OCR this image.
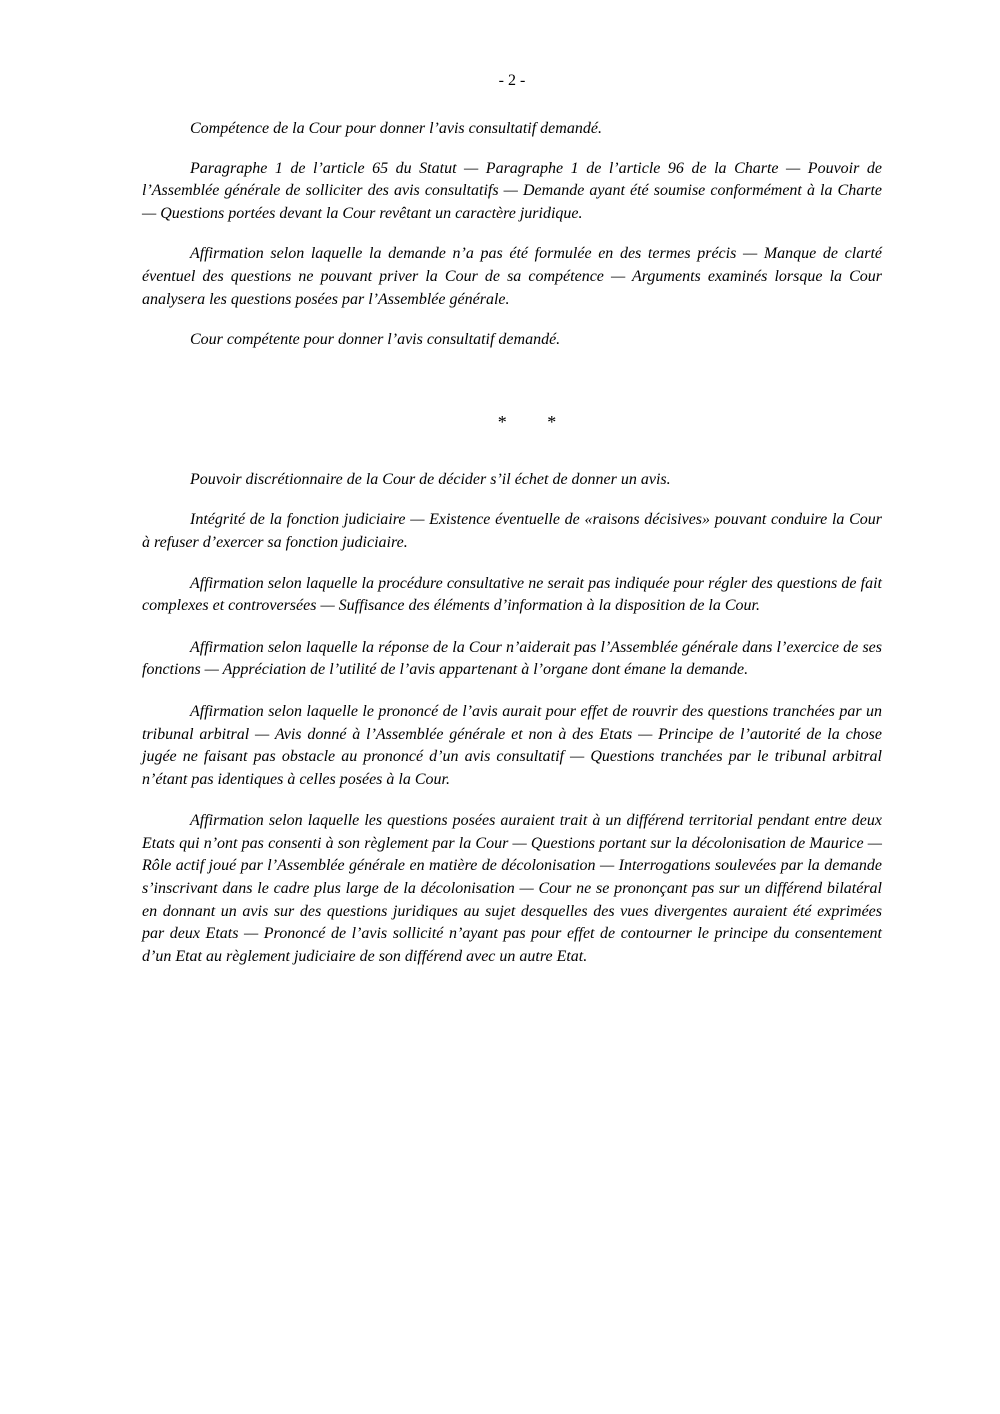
- 2 -

Compétence de la Cour pour donner l’avis consultatif demandé.

Paragraphe 1 de l’article 65 du Statut — Paragraphe 1 de l’article 96 de la Charte — Pouvoir de l’Assemblée générale de solliciter des avis consultatifs — Demande ayant été soumise conformément à la Charte — Questions portées devant la Cour revêtant un caractère juridique.

Affirmation selon laquelle la demande n’a pas été formulée en des termes précis — Manque de clarté éventuel des questions ne pouvant priver la Cour de sa compétence — Arguments examinés lorsque la Cour analysera les questions posées par l’Assemblée générale.

Cour compétente pour donner l’avis consultatif demandé.

* *

Pouvoir discrétionnaire de la Cour de décider s’il échet de donner un avis.

Intégrité de la fonction judiciaire — Existence éventuelle de «raisons décisives» pouvant conduire la Cour à refuser d’exercer sa fonction judiciaire.

Affirmation selon laquelle la procédure consultative ne serait pas indiquée pour régler des questions de fait complexes et controversées — Suffisance des éléments d’information à la disposition de la Cour.

Affirmation selon laquelle la réponse de la Cour n’aiderait pas l’Assemblée générale dans l’exercice de ses fonctions — Appréciation de l’utilité de l’avis appartenant à l’organe dont émane la demande.

Affirmation selon laquelle le prononcé de l’avis aurait pour effet de rouvrir des questions tranchées par un tribunal arbitral — Avis donné à l’Assemblée générale et non à des Etats — Principe de l’autorité de la chose jugée ne faisant pas obstacle au prononcé d’un avis consultatif — Questions tranchées par le tribunal arbitral n’étant pas identiques à celles posées à la Cour.

Affirmation selon laquelle les questions posées auraient trait à un différend territorial pendant entre deux Etats qui n’ont pas consenti à son règlement par la Cour — Questions portant sur la décolonisation de Maurice — Rôle actif joué par l’Assemblée générale en matière de décolonisation — Interrogations soulevées par la demande s’inscrivant dans le cadre plus large de la décolonisation — Cour ne se prononçant pas sur un différend bilatéral en donnant un avis sur des questions juridiques au sujet desquelles des vues divergentes auraient été exprimées par deux Etats — Prononcé de l’avis sollicité n’ayant pas pour effet de contourner le principe du consentement d’un Etat au règlement judiciaire de son différend avec un autre Etat.
